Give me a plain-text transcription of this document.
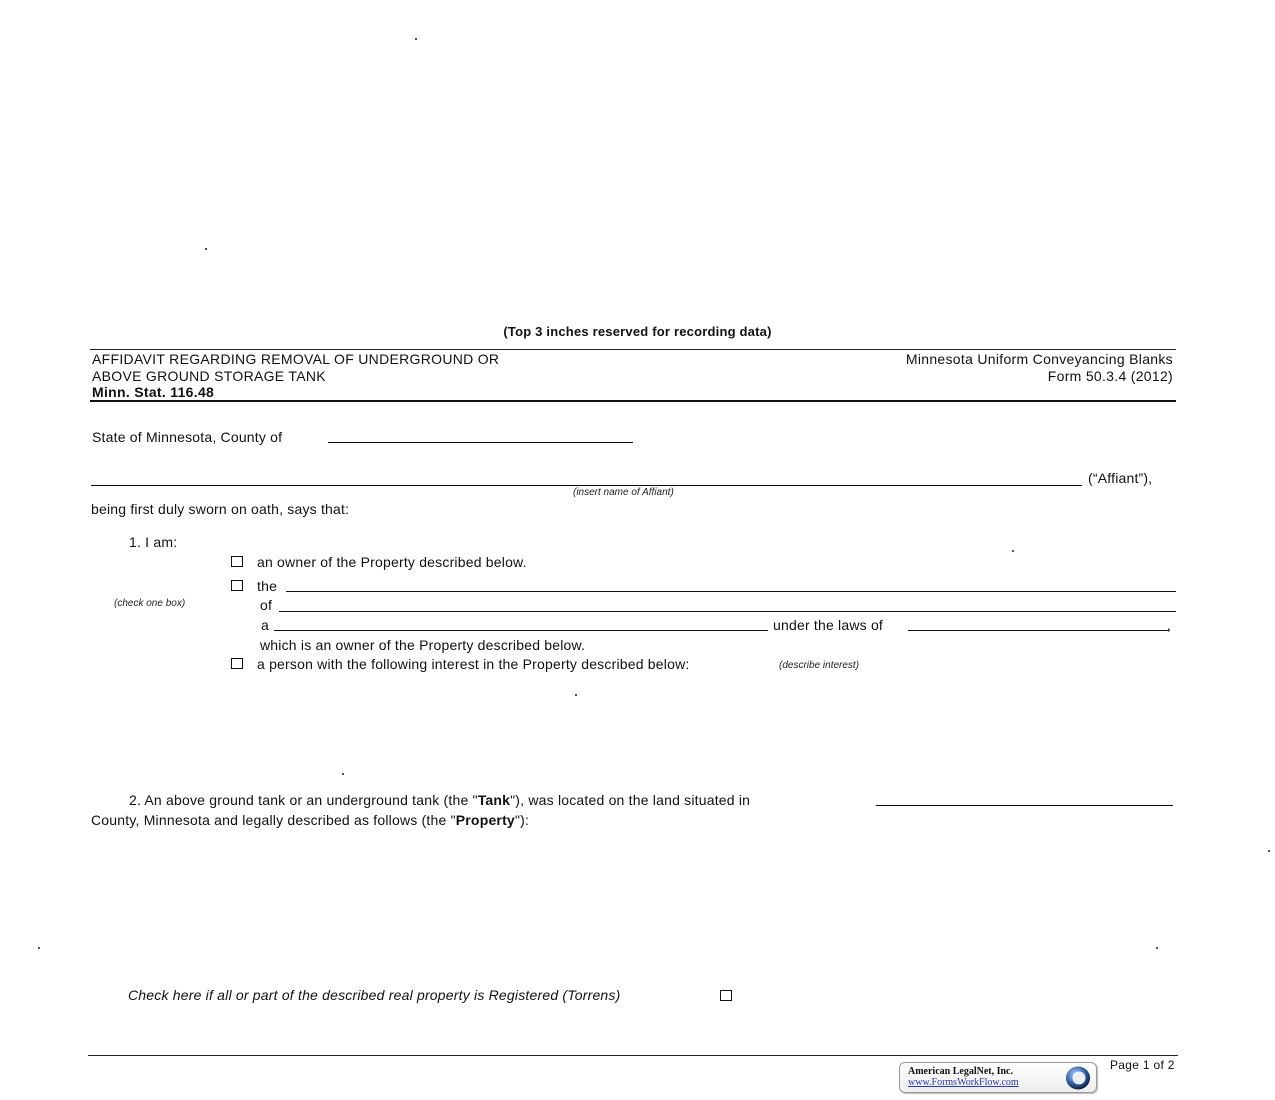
(Top 3 inches reserved for recording data)
AFFIDAVIT REGARDING REMOVAL OF UNDERGROUND OR
ABOVE GROUND STORAGE TANK
Minn. Stat. 116.48
Minnesota Uniform Conveyancing Blanks
Form 50.3.4 (2012)
State of Minnesota, County of
(“Affiant”),
(insert name of Affiant)
being first duly sworn on oath, says that:
1. I am:
an owner of the Property described below.
the
(check one box)	of
a	under the laws of	,
which is an owner of the Property described below.
a person with the following interest in the Property described below:	(describe interest)
2. An above ground tank or an underground tank (the "Tank"), was located on the land situated in
County, Minnesota and legally described as follows (the "Property"):
Check here if all or part of the described real property is Registered (Torrens)
American LegalNet, Inc.
www.FormsWorkFlow.com
Page 1 of 2
